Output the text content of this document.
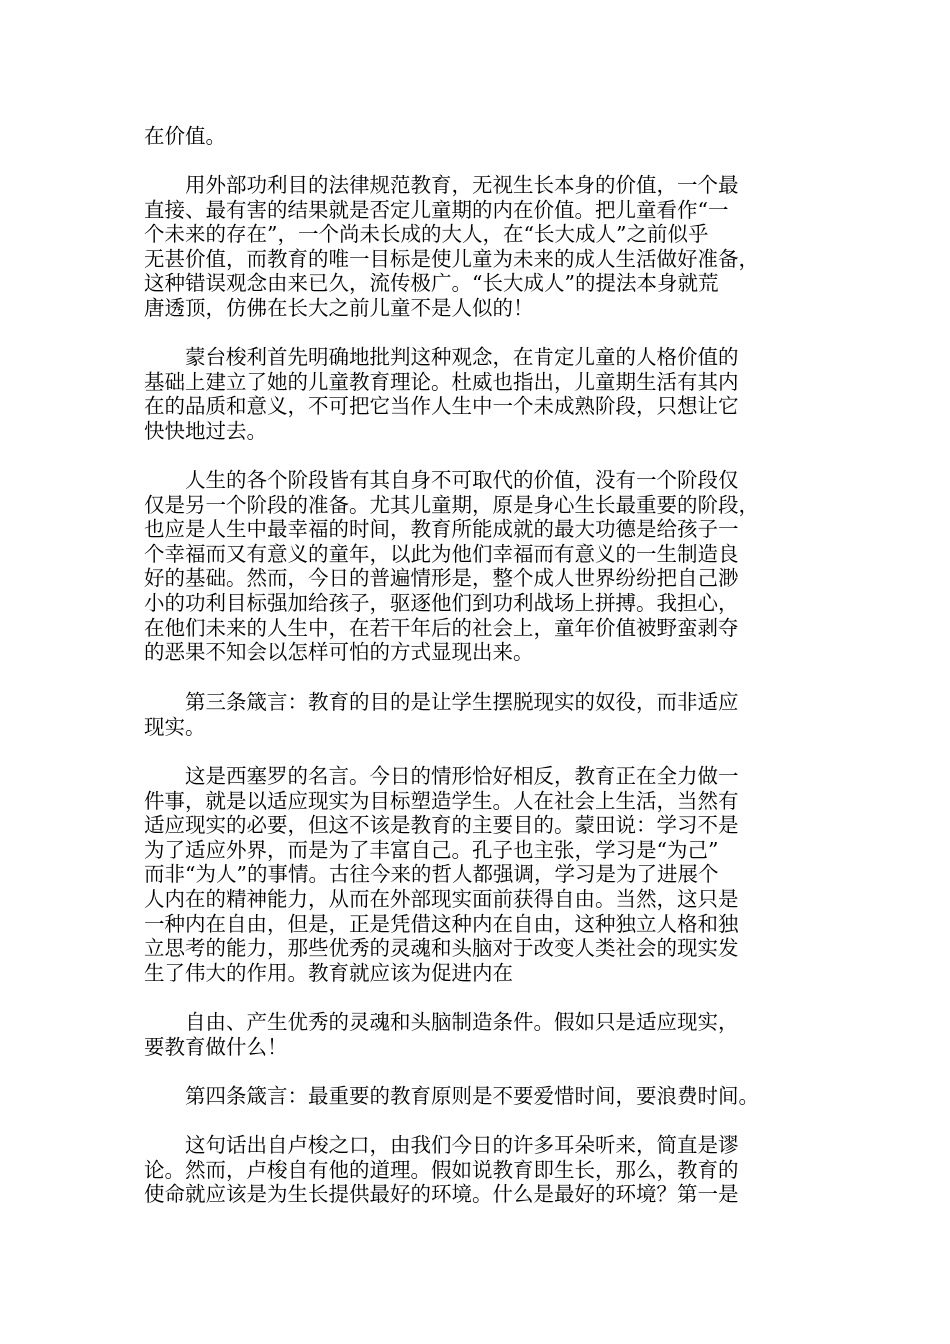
在价值。

　　用外部功利目的法律规范教育，无视生长本身的价值，一个最
直接、最有害的结果就是否定儿童期的内在价值。把儿童看作“一
个未来的存在”，一个尚未长成的大人，在“长大成人”之前似乎
无甚价值，而教育的唯一目标是使儿童为未来的成人生活做好准备，
这种错误观念由来已久，流传极广。“长大成人”的提法本身就荒
唐透顶，仿佛在长大之前儿童不是人似的！

　　蒙台梭利首先明确地批判这种观念，在肯定儿童的人格价值的
基础上建立了她的儿童教育理论。杜威也指出，儿童期生活有其内
在的品质和意义，不可把它当作人生中一个未成熟阶段，只想让它
快快地过去。

　　人生的各个阶段皆有其自身不可取代的价值，没有一个阶段仅
仅是另一个阶段的准备。尤其儿童期，原是身心生长最重要的阶段，
也应是人生中最幸福的时间，教育所能成就的最大功德是给孩子一
个幸福而又有意义的童年，以此为他们幸福而有意义的一生制造良
好的基础。然而，今日的普遍情形是，整个成人世界纷纷把自己渺
小的功利目标强加给孩子，驱逐他们到功利战场上拼搏。我担心，
在他们未来的人生中，在若干年后的社会上，童年价值被野蛮剥夺
的恶果不知会以怎样可怕的方式显现出来。

　　第三条箴言：教育的目的是让学生摆脱现实的奴役，而非适应
现实。

　　这是西塞罗的名言。今日的情形恰好相反，教育正在全力做一
件事，就是以适应现实为目标塑造学生。人在社会上生活，当然有
适应现实的必要，但这不该是教育的主要目的。蒙田说：学习不是
为了适应外界，而是为了丰富自己。孔子也主张，学习是“为己”
而非“为人”的事情。古往今来的哲人都强调，学习是为了进展个
人内在的精神能力，从而在外部现实面前获得自由。当然，这只是
一种内在自由，但是，正是凭借这种内在自由，这种独立人格和独
立思考的能力，那些优秀的灵魂和头脑对于改变人类社会的现实发
生了伟大的作用。教育就应该为促进内在

　　自由、产生优秀的灵魂和头脑制造条件。假如只是适应现实，
要教育做什么！

　　第四条箴言：最重要的教育原则是不要爱惜时间，要浪费时间。

　　这句话出自卢梭之口，由我们今日的许多耳朵听来，简直是谬
论。然而，卢梭自有他的道理。假如说教育即生长，那么，教育的
使命就应该是为生长提供最好的环境。什么是最好的环境？第一是
